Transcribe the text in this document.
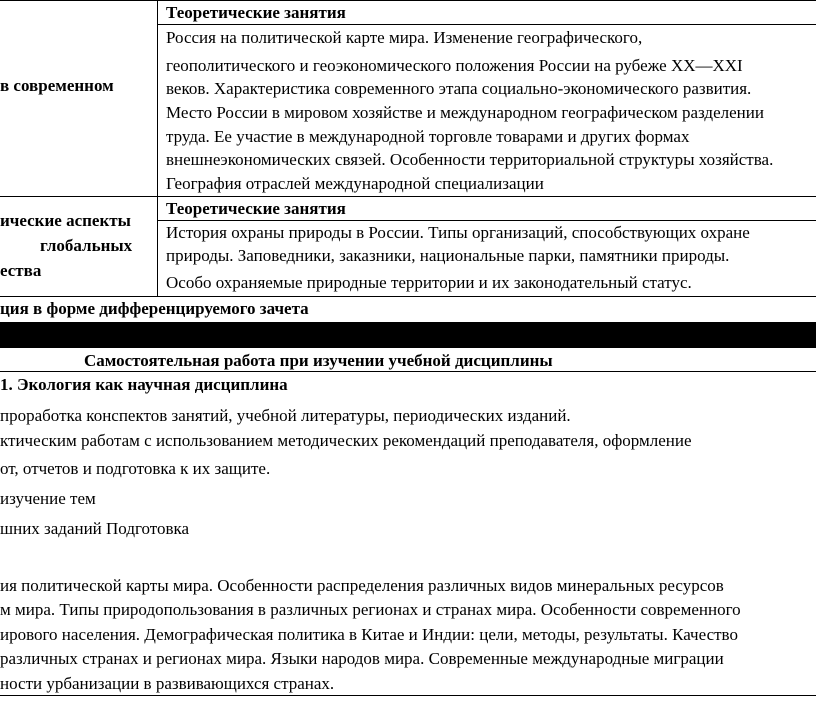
в современном
Теоретические занятия
Россия на политической карте мира. Изменение географического,
геополитического и геоэкономического положения России на рубеже XX—XXI
веков. Характеристика современного этапа социально-экономического развития.
Место России в мировом хозяйстве и международном географическом разделении
труда. Ее участие в международной торговле товарами и других формах
внешнеэкономических связей. Особенности территориальной структуры хозяйства.
География отраслей международной специализации
ические аспекты
глобальных
ества
Теоретические занятия
История охраны природы в России. Типы организаций, способствующих охране
природы. Заповедники, заказники, национальные парки, памятники природы.
Особо охраняемые природные территории и их законодательный статус.
ция в форме дифференцируемого зачета
Самостоятельная работа при изучении учебной дисциплины
1. Экология как научная дисциплина
проработка конспектов занятий, учебной литературы, периодических изданий.
ктическим работам с использованием методических рекомендаций преподавателя, оформление
от, отчетов и подготовка к их защите.
изучение тем
шних заданий Подготовка
ия политической карты мира. Особенности распределения различных видов минеральных ресурсов
м мира. Типы природопользования в различных регионах и странах мира. Особенности современного
ирового населения. Демографическая политика в Китае и Индии: цели, методы, результаты. Качество
различных странах и регионах мира. Языки народов мира. Современные международные миграции
ности урбанизации в развивающихся странах.
